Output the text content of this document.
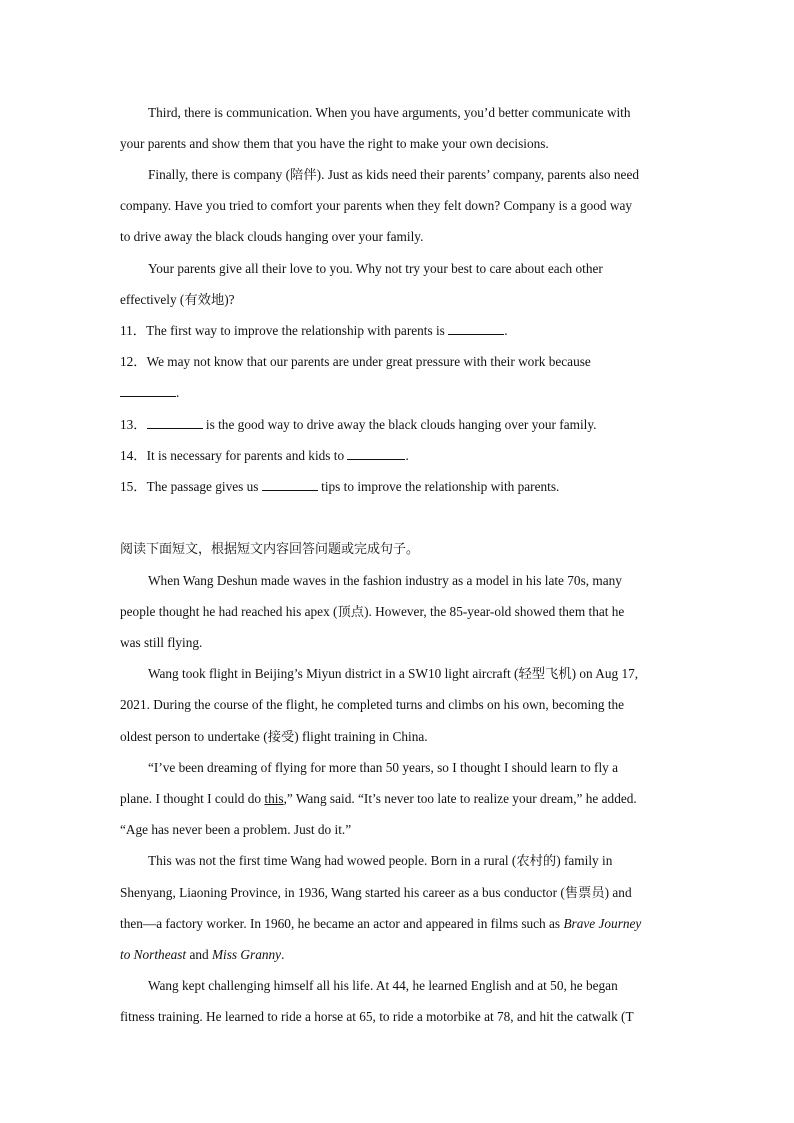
Third, there is communication. When you have arguments, you’d better communicate with
your parents and show them that you have the right to make your own decisions.
Finally, there is company (陪伴). Just as kids need their parents’ company, parents also need
company. Have you tried to comfort your parents when they felt down? Company is a good way
to drive away the black clouds hanging over your family.
Your parents give all their love to you. Why not try your best to care about each other
effectively (有效地)?
11．The first way to improve the relationship with parents is	.
12．We may not know that our parents are under great pressure with their work because
.
13．	is the good way to drive away the black clouds hanging over your family.
14．It is necessary for parents and kids to	.
15．The passage gives us	tips to improve the relationship with parents.
阅读下面短文，根据短文内容回答问题或完成句子。
When Wang Deshun made waves in the fashion industry as a model in his late 70s, many
people thought he had reached his apex (顶点). However, the 85-year-old showed them that he
was still flying.
Wang took flight in Beijing’s Miyun district in a SW10 light aircraft (轻型飞机) on Aug 17,
2021. During the course of the flight, he completed turns and climbs on his own, becoming the
oldest person to undertake (接受) flight training in China.
“I’ve been dreaming of flying for more than 50 years, so I thought I should learn to fly a
plane. I thought I could do this,” Wang said. “It’s never too late to realize your dream,” he added.
“Age has never been a problem. Just do it.”
This was not the first time Wang had wowed people. Born in a rural (农村的) family in
Shenyang, Liaoning Province, in 1936, Wang started his career as a bus conductor (售票员) and
then—a factory worker. In 1960, he became an actor and appeared in films such as Brave Journey
to Northeast and Miss Granny.
Wang kept challenging himself all his life. At 44, he learned English and at 50, he began
fitness training. He learned to ride a horse at 65, to ride a motorbike at 78, and hit the catwalk (T
